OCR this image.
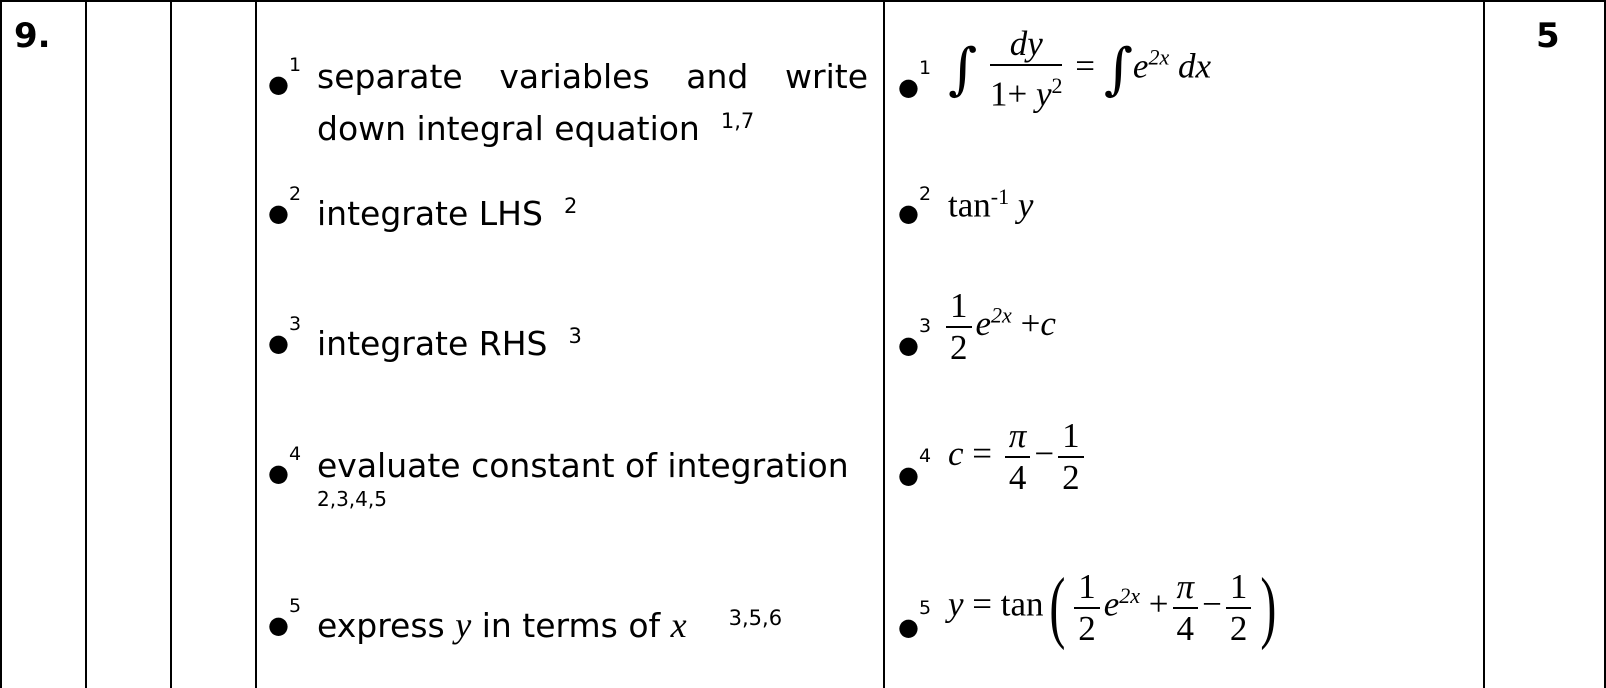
9.	5
●$^1$ separate variables and write
down integral equation $^{1,7}$
●$^2$ integrate LHS $^2$
●$^3$ integrate RHS $^3$
●$^4$ evaluate constant of integration
2,3,4,5
●$^5$ express y in terms of x $^{3,5,6}$
●$^1$ ∫ $\frac{dy}{1+ y^2} = \int e^{2x}$ dx
●$^2$ $\tan^{-1} y$
●$^3$ $\frac{1}{2} e^{2x} +c$
●$^4$ $c = \frac{\pi}{4} - \frac{1}{2}$
●$^5$ $y = \tan( \frac{1}{2} e^{2x} + \frac{\pi}{4} - \frac{1}{2}$ )
